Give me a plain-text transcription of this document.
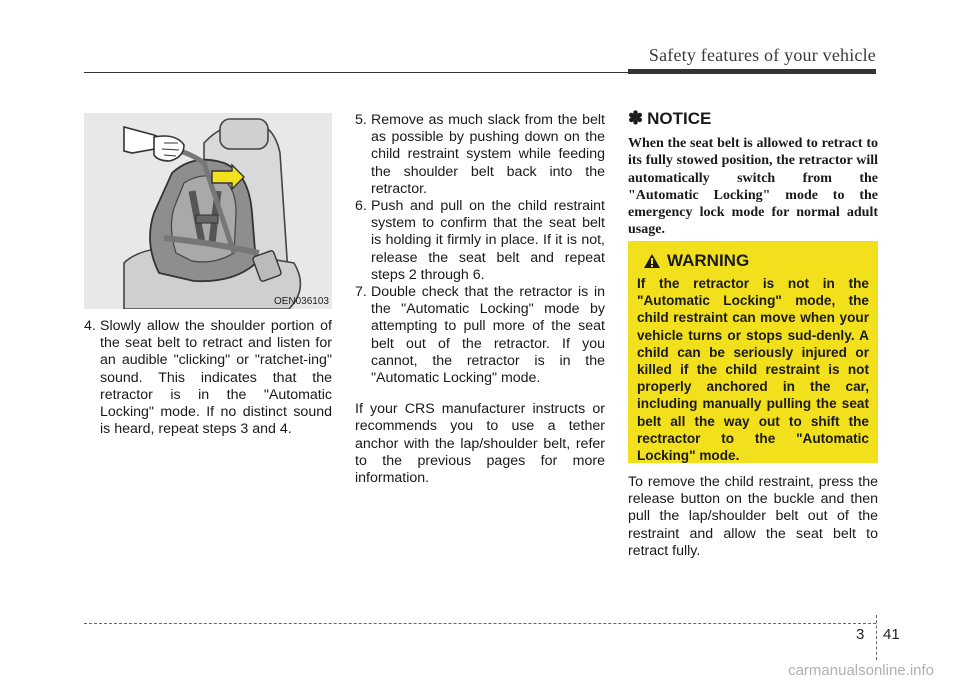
Safety features of your vehicle
OEN036103
4. Slowly allow the shoulder portion of the seat belt to retract and listen for an audible "clicking" or "ratchet-ing" sound. This indicates that the retractor is in the "Automatic Locking" mode. If no distinct sound is heard, repeat steps 3 and 4.
5. Remove as much slack from the belt as possible by pushing down on the child restraint system while feeding the shoulder belt back into the retractor.
6. Push and pull on the child restraint system to confirm that the seat belt is holding it firmly in place. If it is not, release the seat belt and repeat steps 2 through 6.
7. Double check that the retractor is in the "Automatic Locking" mode by attempting to pull more of the seat belt out of the retractor. If you cannot, the retractor is in the "Automatic Locking" mode.

If your CRS manufacturer instructs or recommends you to use a tether anchor with the lap/shoulder belt, refer to the previous pages for more information.

✽ NOTICE

When the seat belt is allowed to retract to its fully stowed position, the retractor will automatically switch from the "Automatic Locking" mode to the emergency lock mode for normal adult usage.

WARNING

If the retractor is not in the "Automatic Locking" mode, the child restraint can move when your vehicle turns or stops sud-denly. A child can be seriously injured or killed if the child restraint is not properly anchored in the car, including manually pulling the seat belt all the way out to shift the rectractor to the "Automatic Locking" mode.

To remove the child restraint, press the release button on the buckle and then pull the lap/shoulder belt out of the restraint and allow the seat belt to retract fully.

3 41
carmanualsonline.info
